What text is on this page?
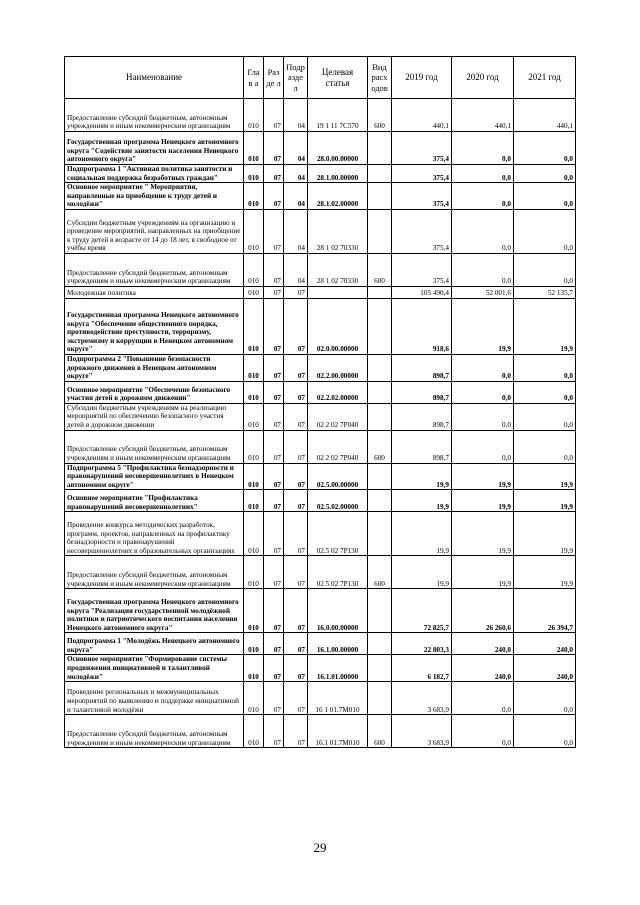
Наименование	Глав а	Разде л	Подр аздел	Целевая статья	Вид расх одов	2019 год	2020 год	2021 год
Предоставление субсидий бюджетным, автономным учреждениям и иным некоммерческим организациям	010	07	04	19 1 11 7С570	600	440,1	440,1	440,1
Государственная программа Ненецкого автономного округа "Содействие занятости населения Ненецкого автономного округа"	010	07	04	28.0.00.00000		375,4	0,0	0,0
Подпрограмма 1 "Активная политика занятости и социальная поддержка безработных граждан"	010	07	04	28.1.00.00000		375,4	0,0	0,0
Основное мероприятие " Мероприятия, направленные на приобщение к труду детей и молодёжи"	010	07	04	28.1.02.00000		375,4	0,0	0,0
Субсидии бюджетным учреждениям на организацию и проведение мероприятий, направленных на приобщение к труду детей в возрасте от 14 до 18 лет, в свободное от учёбы время	010	07	04	28 1 02 70330		375,4	0,0	0,0
Предоставление субсидий бюджетным, автономным учреждениям и иным некоммерческим организациям	010	07	04	28 1 02 70330	600	375,4	0,0	0,0
Молодежная политика	010	07	07			105 490,4	52 001,6	52 135,7
Государственная программа Ненецкого автономного округа "Обеспечение общественного порядка, противодействие преступности, терроризму, экстремизму и коррупции в Ненецком автономном округе"	010	07	07	02.0.00.00000		918,6	19,9	19,9
Подпрограмма 2 "Повышение безопасности дорожного движения в Ненецком автономном округе"	010	07	07	02.2.00.00000		898,7	0,0	0,0
Основное мероприятие "Обеспечение безопасного участия детей в дорожном движении"	010	07	07	02.2.02.00000		898,7	0,0	0,0
Субсидии бюджетным учреждениям на реализацию мероприятий по обеспечению безопасного участия детей в дорожном движении	010	07	07	02 2 02 7P040		898,7	0,0	0,0
Предоставление субсидий бюджетным, автономным учреждениям и иным некоммерческим организациям	010	07	07	02 2 02 7P040	600	898,7	0,0	0,0
Подпрограмма 5 "Профилактика безнадзорности и правонарушений несовершеннолетних в Ненецком автономном округе"	010	07	07	02.5.00.00000		19,9	19,9	19,9
Основное мероприятие "Профилактика правонарушений несовершеннолетних"	010	07	07	02.5.02.00000		19,9	19,9	19,9
Проведение конкурса методических разработок, программ, проектов, направленных на профилактику безнадзорности и правонарушений несовершеннолетних в образовательных организациях	010	07	07	02.5 02 7P130		19,9	19,9	19,9
Предоставление субсидий бюджетным, автономным учреждениям и иным некоммерческим организациям	010	07	07	02 5 02 7P130	600	19,9	19,9	19,9
Государственная программа Ненецкого автономного округа "Реализация государственной молодёжной политики и патриотического воспитания населения Ненецкого автономного округа"	010	07	07	16.0.00.00000		72 825,7	26 260,6	26 394,7
Подпрограмма 1 "Молодёжь Ненецкого автономного округа"	010	07	07	16.1.00.00000		22 803,3	240,0	240,0
Основное мероприятие "Формирование системы продвижения инициативной и талантливой молодёжи"	010	07	07	16.1.01.00000		6 182,7	240,0	240,0
Проведение региональных и межмуниципальных мероприятий по выявлению и поддержке инициативной и талантливой молодёжи	010	07	07	16 1 01.7М010		3 683,9	0,0	0,0
Предоставление субсидий бюджетным, автономным учреждениям и иным некоммерческим организациям	010	07	07	16.1 01.7М010	600	3 683,9	0,0	0,0
29
